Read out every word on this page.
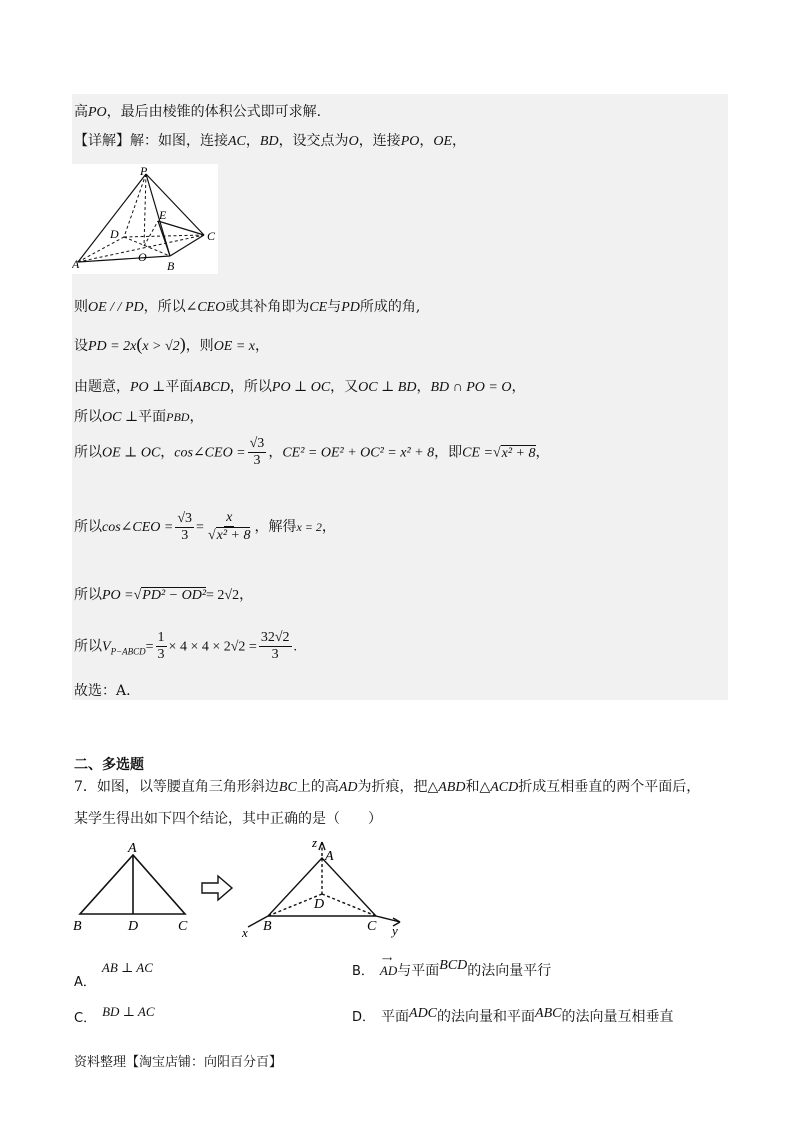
高PO，最后由棱锥的体积公式即可求解.
【详解】解：如图，连接AC，BD，设交点为O，连接PO，OE，
P
E
D	C
O
A	B
则OE / / PD，所以∠CEO或其补角即为CE与PD所成的角,
设PD = 2x(x > √2)，则OE = x，
由题意，PO ⊥平面ABCD，所以PO ⊥ OC，又OC ⊥ BD，BD ∩ PO = O，
所以OC ⊥平面PBD，
所以OE ⊥ OC，cos∠CEO = $\frac{√3}{3}$ ，CE² = OE² + OC² = x² + 8，即CE =√x² + 8，
所以cos∠CEO = $\frac{√3}{3} = \frac{x}{\text{√x² + 8}}$ ，解得x = 2，
所以PO =√PD² − OD²= 2√2，
所以$V_{P-ABCD}= \frac{1}{3} \times 4 \times 4 \times 2√2 = \frac{32√2}{3}$ .
故选：A.
二、多选题
7．如图，以等腰直角三角形斜边BC上的高AD为折痕，把△ABD和△ACD折成互相垂直的两个平面后，
某学生得出如下四个结论，其中正确的是（　　）
A
B	D	C
z
A
D
B	C
x	y
A．AB ⊥ AC	B．
⟶
AD与平面BCD的法向量平行
C． BD ⊥ AC	D． 平面ADC的法向量和平面ABC的法向量互相垂直
资料整理【淘宝店铺：向阳百分百】
